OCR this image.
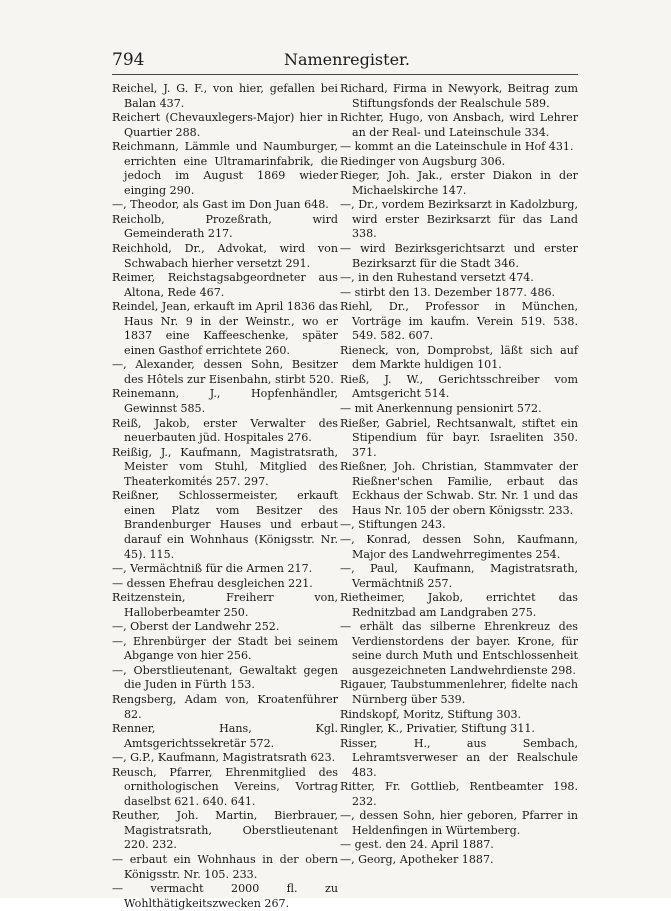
794	Namenregister.

Reichel, J. G. F., von hier, gefallen bei Balan 437.

Reichert (Chevauxlegers-Major) hier in Quartier 288.

Reichmann, Lämmle und Naumburger, errichten eine Ultramarinfabrik, die jedoch im August 1869 wieder einging 290.

—, Theodor, als Gast im Don Juan 648.

Reicholb, Prozeßrath, wird Gemeinderath 217.

Reichhold, Dr., Advokat, wird von Schwabach hierher versetzt 291.

Reimer, Reichstagsabgeordneter aus Altona, Rede 467.

Reindel, Jean, erkauft im April 1836 das Haus Nr. 9 in der Weinstr., wo er 1837 eine Kaffeeschenke, später einen Gasthof errichtete 260.

—, Alexander, dessen Sohn, Besitzer des Hôtels zur Eisenbahn, stirbt 520.

Reinemann, J., Hopfenhändler, Gewinnst 585.

Reiß, Jakob, erster Verwalter des neuerbauten jüd. Hospitales 276.

Reißig, J., Kaufmann, Magistratsrath, Meister vom Stuhl, Mitglied des Theaterkomités 257. 297.

Reißner, Schlossermeister, erkauft einen Platz vom Besitzer des Brandenburger Hauses und erbaut darauf ein Wohnhaus (Königsstr. Nr. 45). 115.

—, Vermächtniß für die Armen 217.

— dessen Ehefrau desgleichen 221.

Reitzenstein, Freiherr von, Halloberbeamter 250.

—, Oberst der Landwehr 252.

—, Ehrenbürger der Stadt bei seinem Abgange von hier 256.

—, Oberstlieutenant, Gewaltakt gegen die Juden in Fürth 153.

Rengsberg, Adam von, Kroatenführer 82.

Renner, Hans, Kgl. Amtsgerichtssekretär 572.

—, G.P., Kaufmann, Magistratsrath 623.

Reusch, Pfarrer, Ehrenmitglied des ornithologischen Vereins, Vortrag daselbst 621. 640. 641.

Reuther, Joh. Martin, Bierbrauer, Magistratsrath, Oberstlieutenant 220. 232.

— erbaut ein Wohnhaus in der obern Königsstr. Nr. 105. 233.

— vermacht 2000 fl. zu Wohlthätigkeitszwecken 267.

Richard, Firma in Newyork, Beitrag zum Stiftungsfonds der Realschule 589.

Richter, Hugo, von Ansbach, wird Lehrer an der Real- und Lateinschule 334.

— kommt an die Lateinschule in Hof 431.

Riedinger von Augsburg 306.

Rieger, Joh. Jak., erster Diakon in der Michaelskirche 147.

—, Dr., vordem Bezirksarzt in Kadolzburg, wird erster Bezirksarzt für das Land 338.

— wird Bezirksgerichtsarzt und erster Bezirksarzt für die Stadt 346.

—, in den Ruhestand versetzt 474.

— stirbt den 13. Dezember 1877. 486.

Riehl, Dr., Professor in München, Vorträge im kaufm. Verein 519. 538. 549. 582. 607.

Rieneck, von, Domprobst, läßt sich auf dem Markte huldigen 101.

Rieß, J. W., Gerichtsschreiber vom Amtsgericht 514.

— mit Anerkennung pensionirt 572.

Rießer, Gabriel, Rechtsanwalt, stiftet ein Stipendium für bayr. Israeliten 350. 371.

Rießner, Joh. Christian, Stammvater der Rießner'schen Familie, erbaut das Eckhaus der Schwab. Str. Nr. 1 und das Haus Nr. 105 der obern Königsstr. 233.

—, Stiftungen 243.

—, Konrad, dessen Sohn, Kaufmann, Major des Landwehrregimentes 254.

—, Paul, Kaufmann, Magistratsrath, Vermächtniß 257.

Rietheimer, Jakob, errichtet das Rednitzbad am Landgraben 275.

— erhält das silberne Ehrenkreuz des Verdienstordens der bayer. Krone, für seine durch Muth und Entschlossenheit ausgezeichneten Landwehrdienste 298.

Rigauer, Taubstummenlehrer, fidelte nach Nürnberg über 539.

Rindskopf, Moritz, Stiftung 303.

Ringler, K., Privatier, Stiftung 311.

Risser, H., aus Sembach, Lehramtsverweser an der Realschule 483.

Ritter, Fr. Gottlieb, Rentbeamter 198. 232.

—, dessen Sohn, hier geboren, Pfarrer in Heldenfingen in Würtemberg.

— gest. den 24. April 1887.

—, Georg, Apotheker 1887.
